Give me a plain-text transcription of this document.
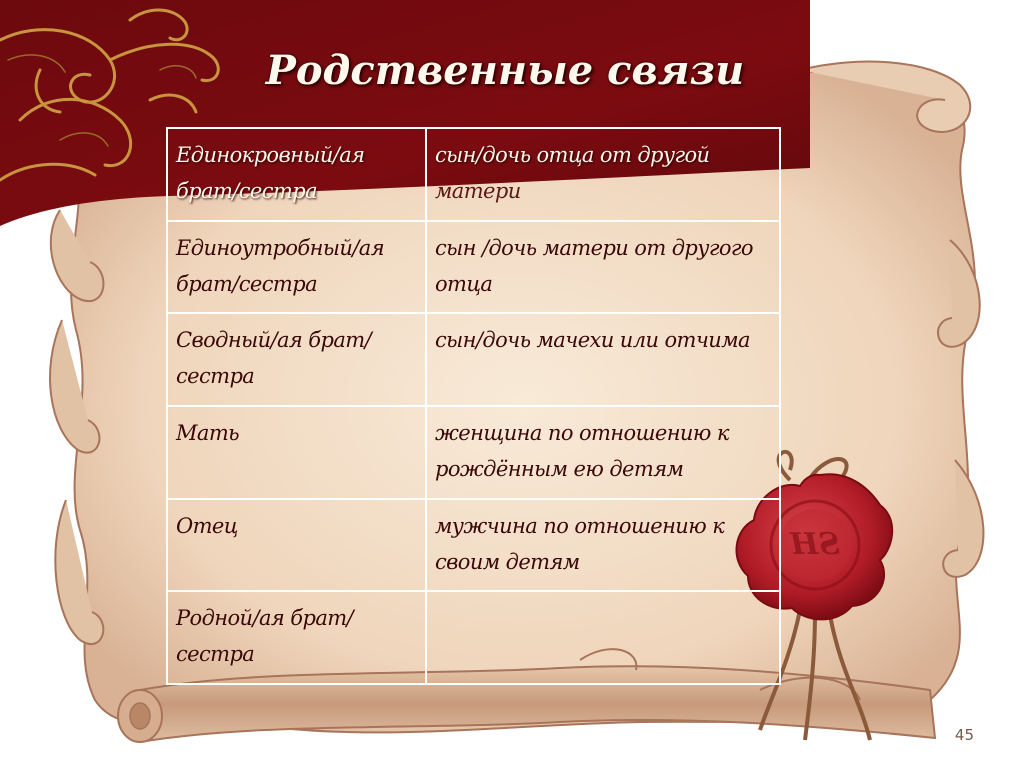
Родственные связи
Единокровный/ая брат/сестра	сын/дочь отца от другой матери
Единоутробный/ая брат/сестра	сын /дочь матери от другого отца
Сводный/ая брат/сестра	сын/дочь мачехи или отчима
Мать	женщина по отношению к рождённым ею детям
Отец	мужчина по отношению к своим детям
Родной/ая брат/сестра	
SH
45
